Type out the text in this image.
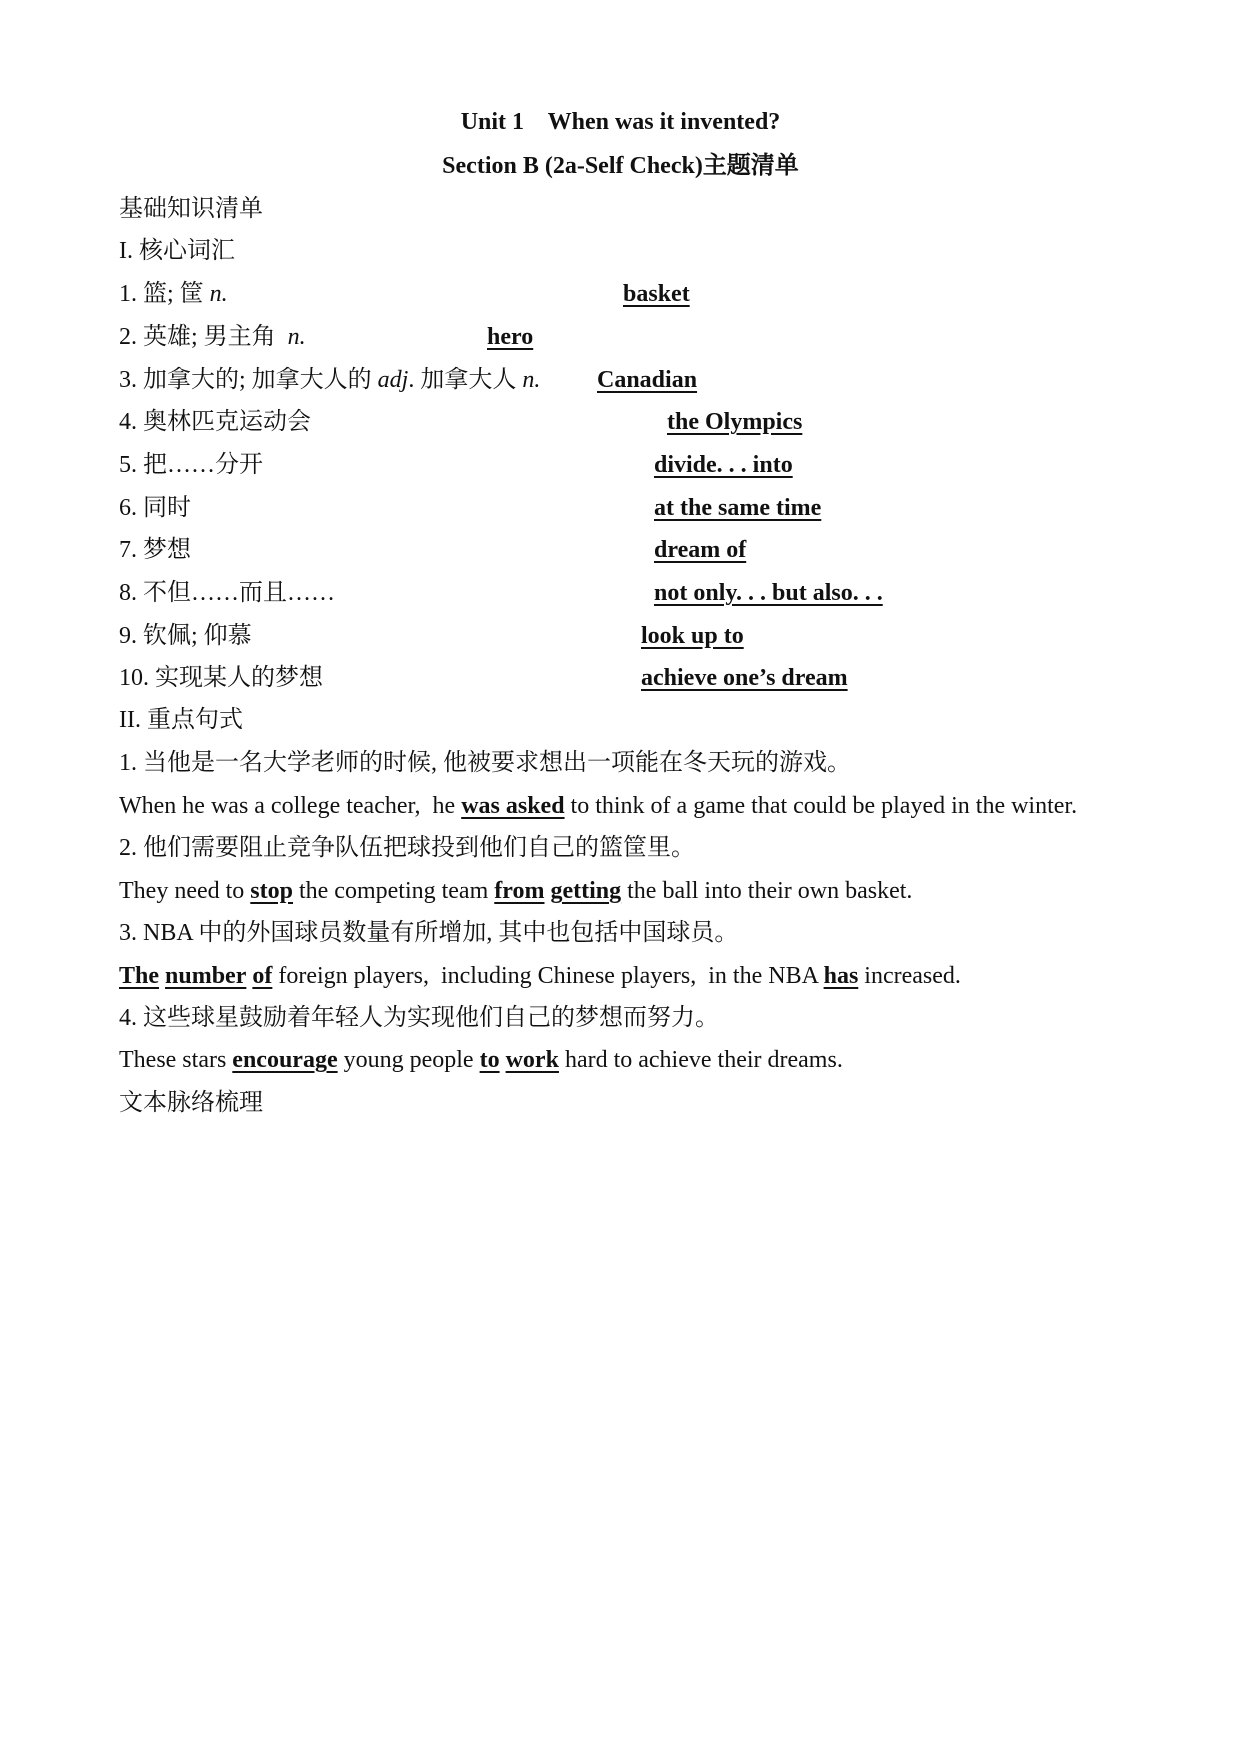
Unit 1    When was it invented?
Section B (2a-Self Check)主题清单
基础知识清单
I. 核心词汇
1. 篮; 筐 n.	basket
2. 英雄; 男主角  n.	hero
3. 加拿大的; 加拿大人的 adj. 加拿大人 n. Canadian
4. 奥林匹克运动会	the Olympics
5. 把……分开	divide. . . into
6. 同时	at the same time
7. 梦想	dream of
8. 不但……而且……	not only. . . but also. . .
9. 钦佩; 仰慕	look up to
10. 实现某人的梦想	achieve one’s dream
II. 重点句式
1. 当他是一名大学老师的时候, 他被要求想出一项能在冬天玩的游戏。
When he was a college teacher,  he was asked to think of a game that could be played in the winter.
2. 他们需要阻止竞争队伍把球投到他们自己的篮筐里。
They need to stop the competing team from getting the ball into their own basket.
3. NBA 中的外国球员数量有所增加, 其中也包括中国球员。
The number of foreign players,  including Chinese players,  in the NBA has increased.
4. 这些球星鼓励着年轻人为实现他们自己的梦想而努力。
These stars encourage young people to work hard to achieve their dreams.
文本脉络梳理
